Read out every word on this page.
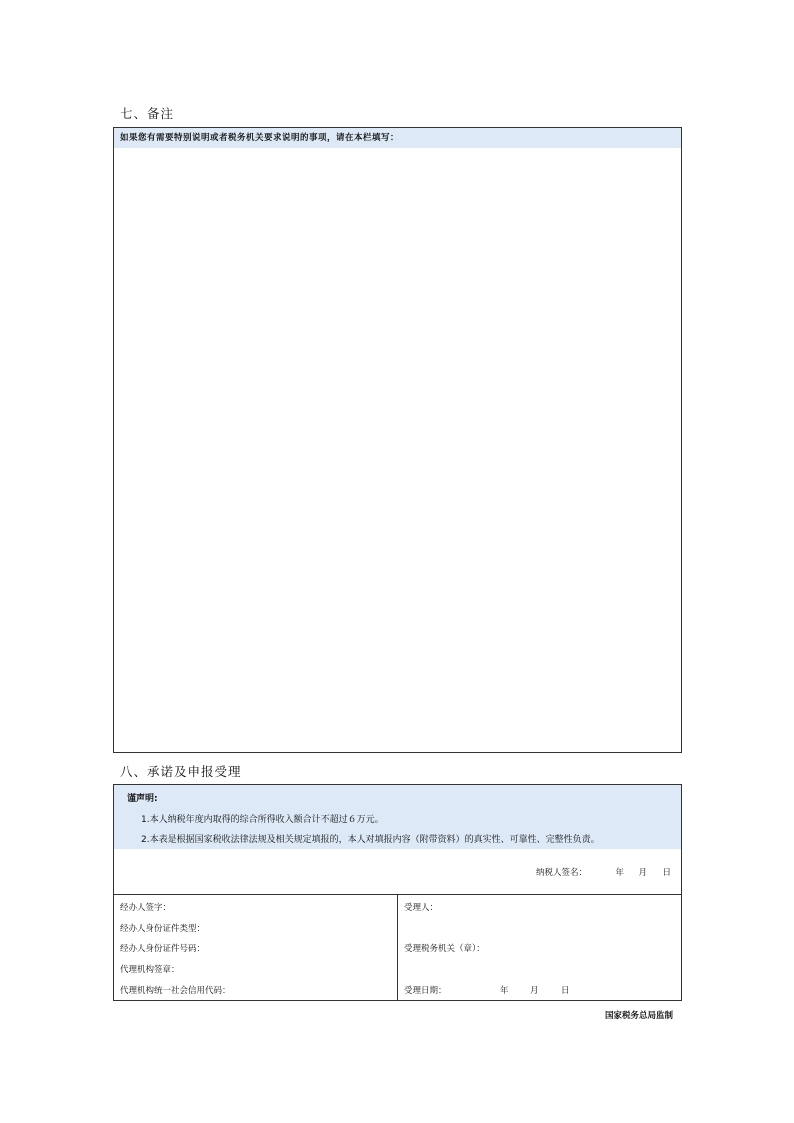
七、备注
如果您有需要特别说明或者税务机关要求说明的事项，请在本栏填写：
八、承诺及申报受理
谨声明:
1.本人纳税年度内取得的综合所得收入额合计不超过６万元。
2.本表是根据国家税收法律法规及相关规定填报的，本人对填报内容（附带资料）的真实性、可靠性、完整性负责。
纳税人签名：	年 月 日
经办人签字：
经办人身份证件类型：
经办人身份证件号码：
代理机构签章：
代理机构统一社会信用代码：
受理人：
受理税务机关（章）：
受理日期：	年	月	日
国家税务总局监制
